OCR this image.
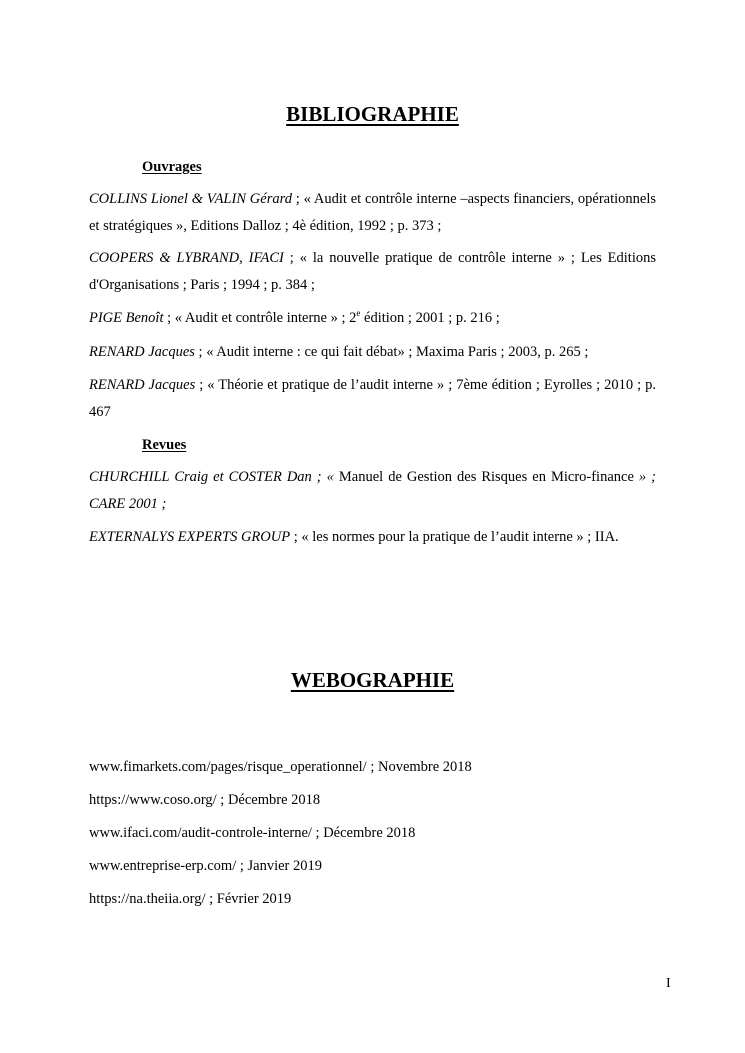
BIBLIOGRAPHIE
Ouvrages
COLLINS Lionel & VALIN Gérard ; « Audit et contrôle interne –aspects financiers, opérationnels et stratégiques », Editions Dalloz ; 4è édition, 1992 ; p. 373 ;
COOPERS & LYBRAND, IFACI ; « la nouvelle pratique de contrôle interne » ; Les Editions d'Organisations ; Paris ; 1994 ; p. 384 ;
PIGE Benoît ; « Audit et contrôle interne » ; 2e édition ; 2001 ; p. 216 ;
RENARD Jacques ; « Audit interne : ce qui fait débat» ; Maxima Paris ; 2003, p. 265 ;
RENARD Jacques ; « Théorie et pratique de l’audit interne » ; 7ème édition ; Eyrolles ; 2010 ; p. 467
Revues
CHURCHILL Craig et COSTER Dan ; « Manuel de Gestion des Risques en Micro-finance » ; CARE 2001 ;
EXTERNALYS EXPERTS GROUP ; « les normes pour la pratique de l’audit interne » ; IIA.
WEBOGRAPHIE
www.fimarkets.com/pages/risque_operationnel/ ; Novembre 2018
https://www.coso.org/ ; Décembre 2018
www.ifaci.com/audit-controle-interne/ ; Décembre 2018
www.entreprise-erp.com/ ; Janvier 2019
https://na.theiia.org/ ; Février 2019
I
